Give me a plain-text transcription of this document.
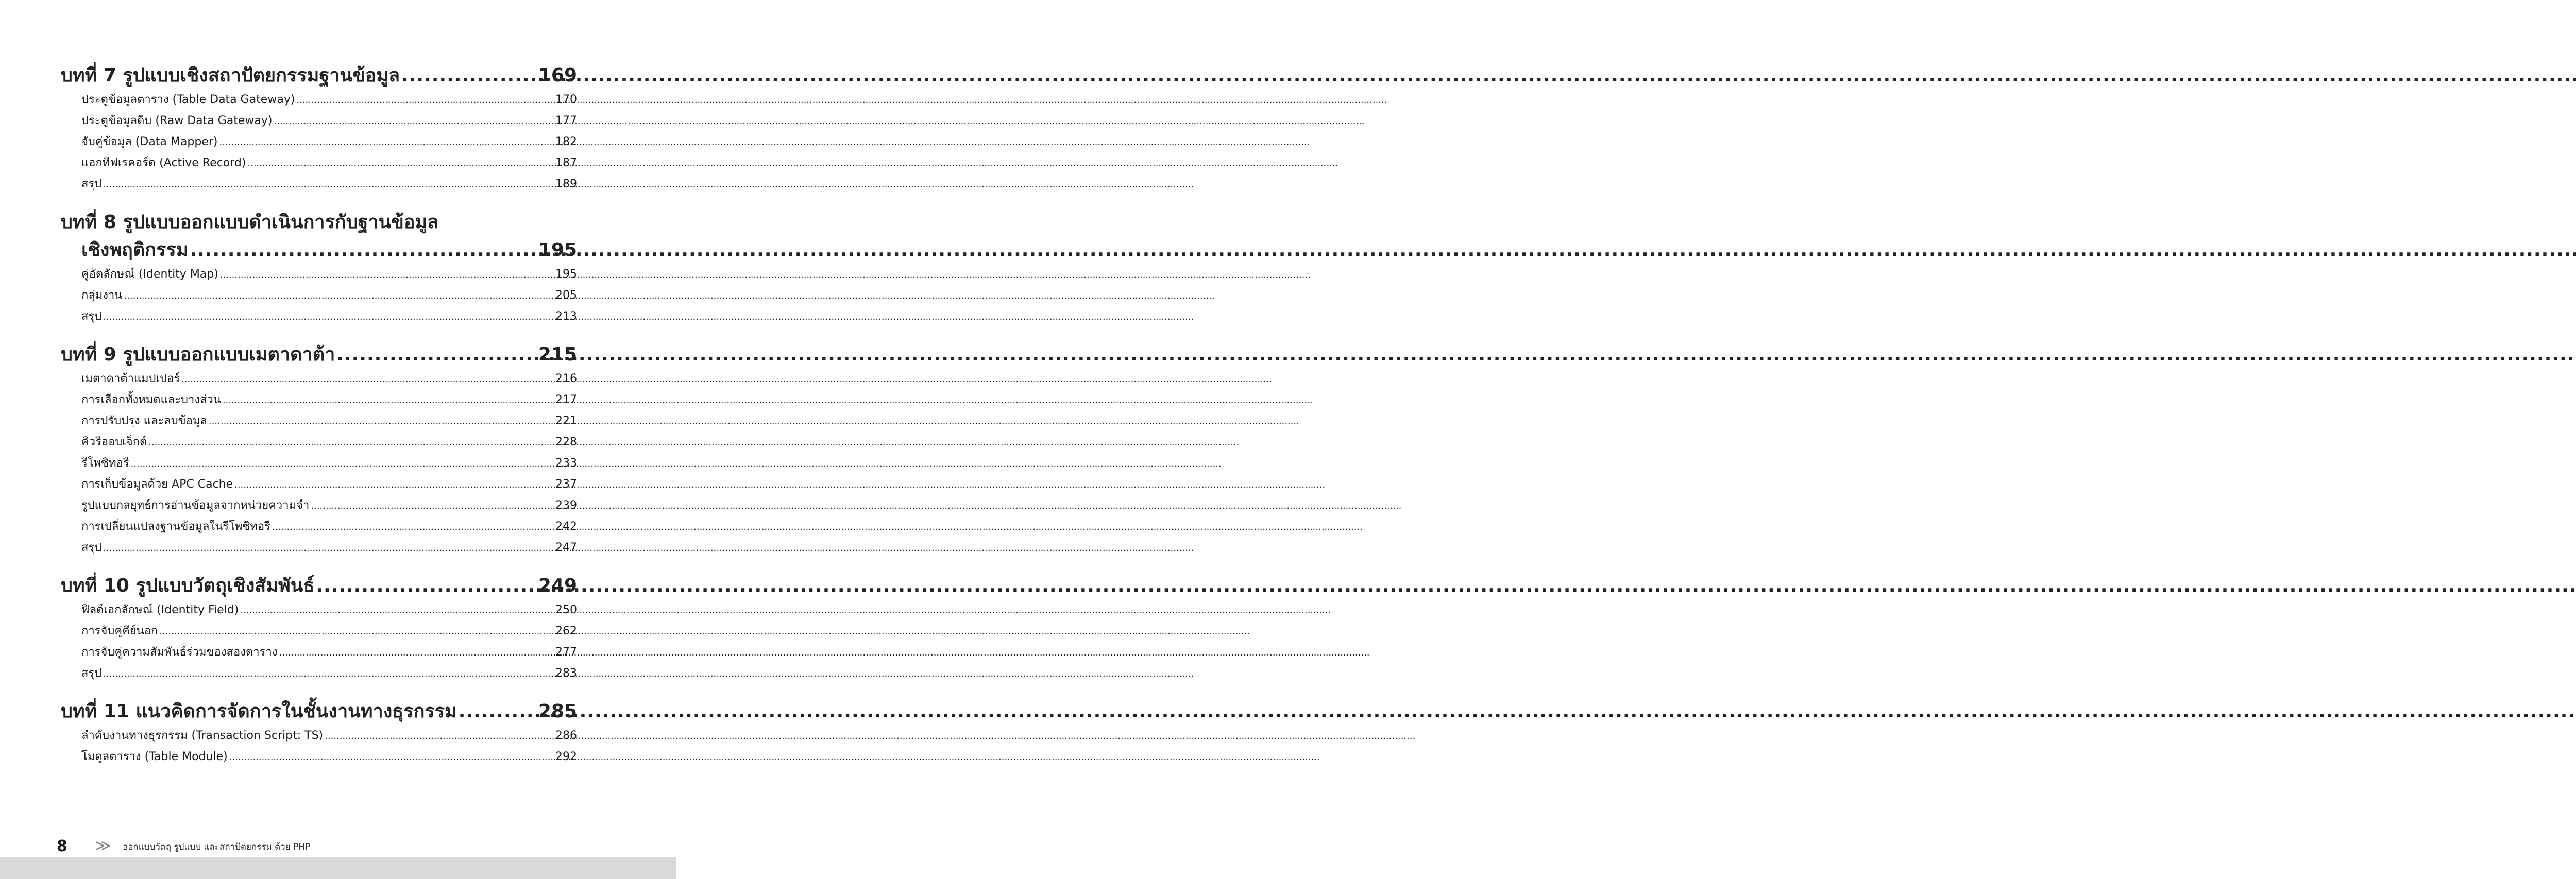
บทที่ 7 รูปแบบเชิงสถาปัตยกรรมฐานข้อมูล .....	169
ประตูข้อมูลตาราง (Table Data Gateway) .....	170
ประตูข้อมูลดิบ (Raw Data Gateway) .....	177
จับคู่ข้อมูล (Data Mapper) .....	182
แอกทีฟเรคอร์ด (Active Record) .....	187
สรุป .....	189
บทที่ 8 รูปแบบออกแบบดำเนินการกับฐานข้อมูล
เชิงพฤติกรรม .....	195
คู่อัตลักษณ์ (Identity Map) .....	195
กลุ่มงาน .....	205
สรุป .....	213
บทที่ 9 รูปแบบออกแบบเมตาดาต้า .....	215
เมตาดาต้าแมปเปอร์ .....	216
การเลือกทั้งหมดและบางส่วน .....	217
การปรับปรุง และลบข้อมูล .....	221
คิวรีออบเจ็กต์ .....	228
รีโพซิทอรี .....	233
การเก็บข้อมูลด้วย APC Cache .....	237
รูปแบบกลยุทธ์การอ่านข้อมูลจากหน่วยความจำ .....	239
การเปลี่ยนแปลงฐานข้อมูลในรีโพซิทอรี .....	242
สรุป .....	247
บทที่ 10 รูปแบบวัตถุเชิงสัมพันธ์ .....	249
ฟิลด์เอกลักษณ์ (Identity Field) .....	250
การจับคู่คีย์นอก .....	262
การจับคู่ความสัมพันธ์ร่วมของสองตาราง .....	277
สรุป .....	283
บทที่ 11 แนวคิดการจัดการในชั้นงานทางธุรกรรม .....	285
ลำดับงานทางธุรกรรม (Transaction Script: TS) .....	286
โมดูลตาราง (Table Module) .....	292
8 ≫ ออกแบบวัตถุ รูปแบบ และสถาปัตยกรรม ด้วย PHP
